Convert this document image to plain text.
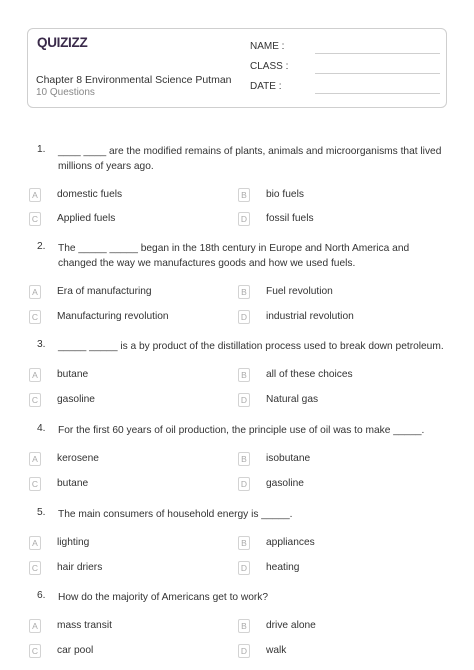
QUIZIZZ
Chapter 8 Environmental Science Putman
10 Questions
NAME :
CLASS :
DATE :
1. ____ ____ are the modified remains of plants, animals and microorganisms that lived millions of years ago.
A	domestic fuels	B	bio fuels
C Applied fuels	D fossil fuels
2. The _____ _____ began in the 18th century in Europe and North America and changed the way we manufactures goods and how we used fuels.
A	Era of manufacturing	B	Fuel revolution
C Manufacturing revolution	D industrial revolution
3. _____ _____ is a by product of the distillation process used to break down petroleum.
A	butane	B	all of these choices
C gasoline	D Natural gas
4. For the first 60 years of oil production, the principle use of oil was to make _____.
A	kerosene	B	isobutane
C butane	D gasoline
5. The main consumers of household energy is _____.
A	lighting	B	appliances
C hair driers	D heating
6. How do the majority of Americans get to work?
A	mass transit	B	drive alone
C car pool	D walk
